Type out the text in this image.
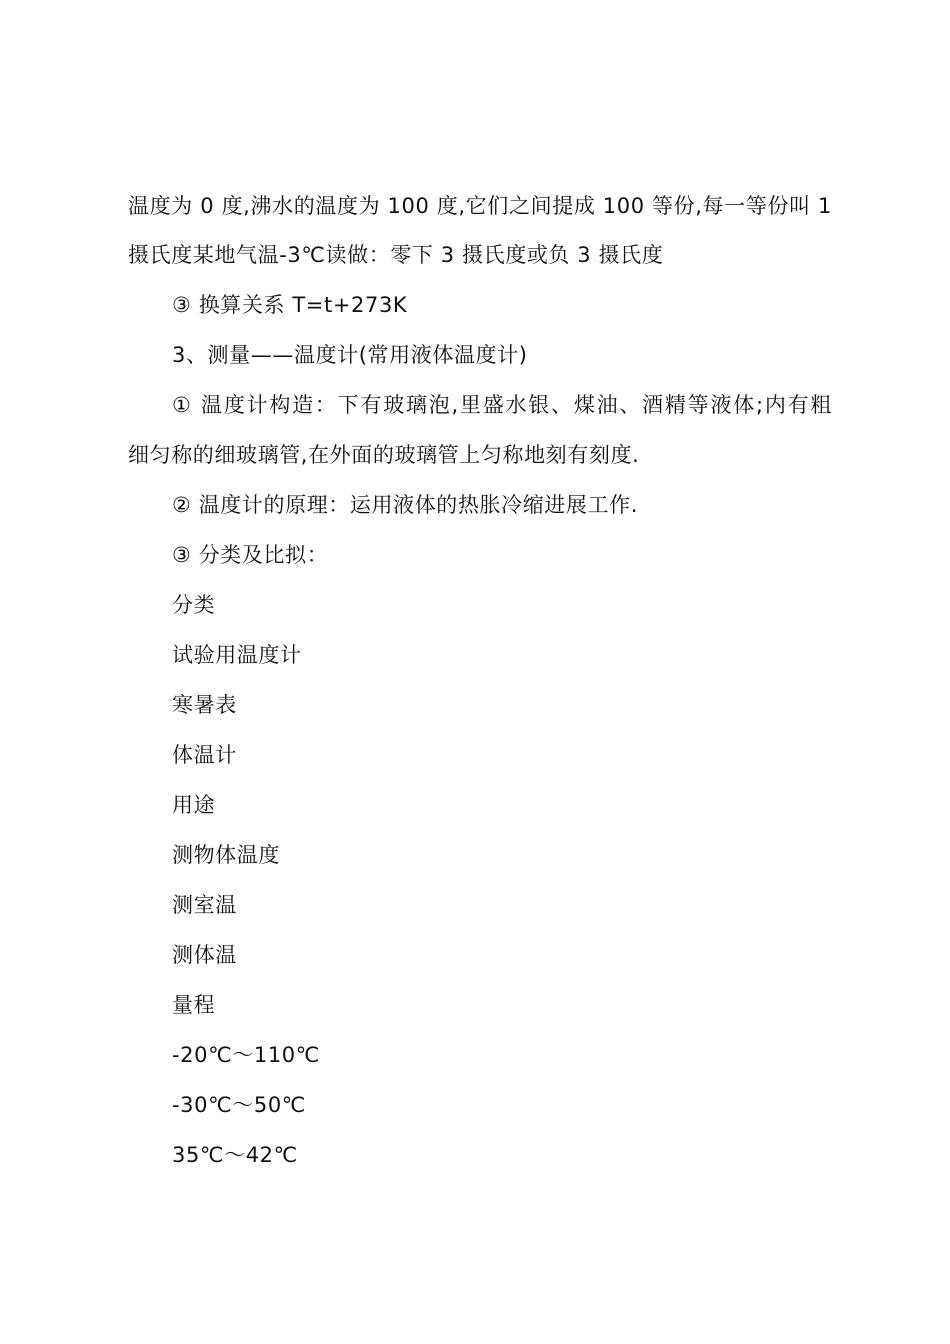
温度为 0 度,沸水的温度为 100 度,它们之间提成 100 等份,每一等份叫 1
摄氏度某地气温-3℃读做：零下 3 摄氏度或负 3 摄氏度
③ 换算关系 T=t+273K
3、测量——温度计(常用液体温度计)
① 温度计构造：下有玻璃泡,里盛水银、煤油、酒精等液体;内有粗
细匀称的细玻璃管,在外面的玻璃管上匀称地刻有刻度.
② 温度计的原理：运用液体的热胀冷缩进展工作.
③ 分类及比拟：
分类
试验用温度计
寒暑表
体温计
用途
测物体温度
测室温
测体温
量程
-20℃～110℃
-30℃～50℃
35℃～42℃
